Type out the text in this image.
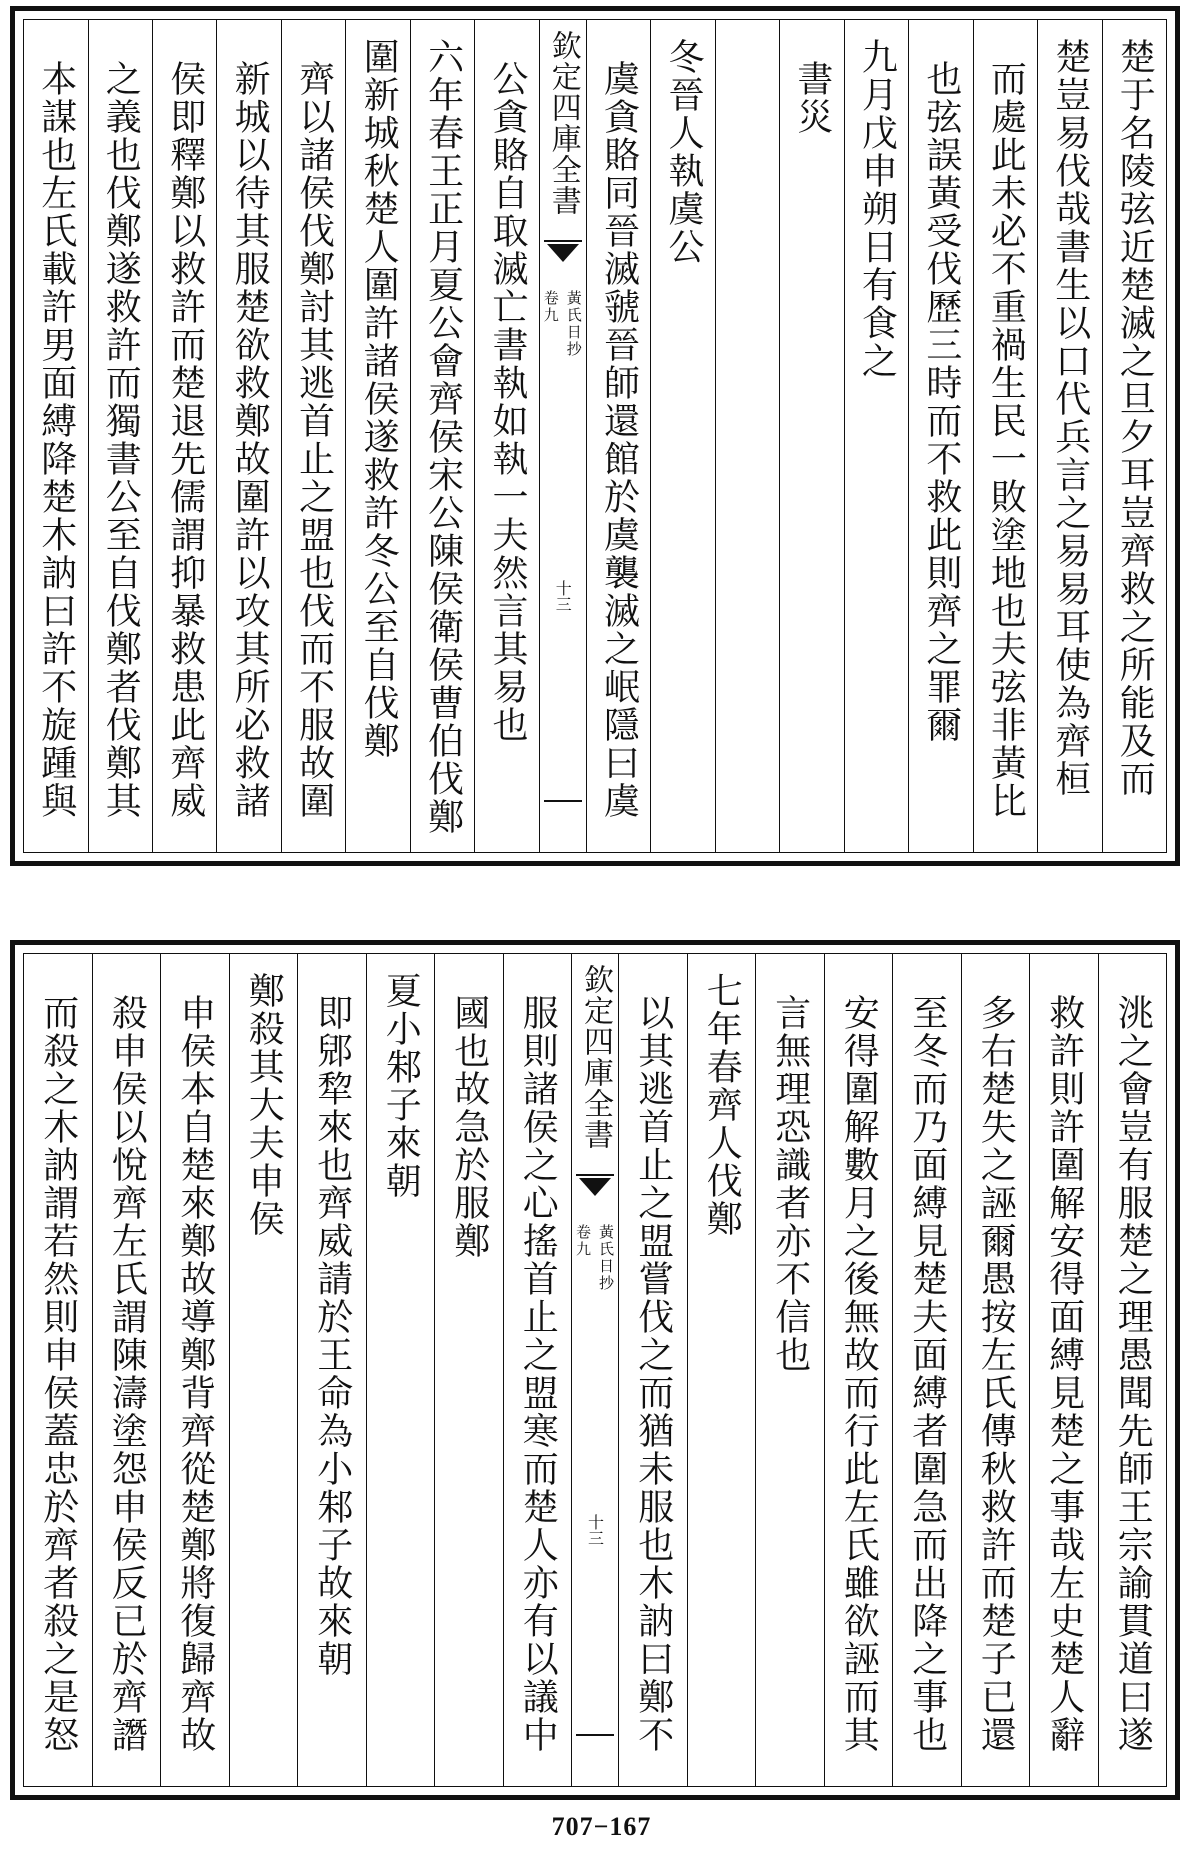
楚于名陵弦近楚滅之旦夕耳豈齊救之所能及而
楚豈易伐哉書生以口代兵言之易易耳使為齊桓
而處此未必不重禍生民一敗塗地也夫弦非黃比
也弦誤黃受伐歷三時而不救此則齊之罪爾
九月戊申朔日有食之
書災
冬晉人執虞公
虞貪賂同晉滅虢晉師還館於虞襲滅之岷隱曰虞
欽定四庫全書
黃氏日抄
卷九
十三
公貪賂自取滅亡書執如執一夫然言其易也
六年春王正月夏公會齊侯宋公陳侯衛侯曹伯伐鄭
圍新城秋楚人圍許諸侯遂救許冬公至自伐鄭
齊以諸侯伐鄭討其逃首止之盟也伐而不服故圍
新城以待其服楚欲救鄭故圍許以攻其所必救諸
侯即釋鄭以救許而楚退先儒謂抑暴救患此齊威
之義也伐鄭遂救許而獨書公至自伐鄭者伐鄭其
本謀也左氏載許男面縛降楚木訥曰許不旋踵與
洮之會豈有服楚之理愚聞先師王宗諭貫道曰遂
救許則許圍解安得面縛見楚之事哉左史楚人辭
多右楚失之誣爾愚按左氏傳秋救許而楚子已還
至冬而乃面縛見楚夫面縛者圍急而出降之事也
安得圍解數月之後無故而行此左氏雖欲誣而其
言無理恐識者亦不信也
七年春齊人伐鄭
以其逃首止之盟嘗伐之而猶未服也木訥曰鄭不
欽定四庫全書
黃氏日抄
卷九
十三
服則諸侯之心搖首止之盟寒而楚人亦有以議中
國也故急於服鄭
夏小邾子來朝
即郳犂來也齊威請於王命為小邾子故來朝
鄭殺其大夫申侯
申侯本自楚來鄭故導鄭背齊從楚鄭將復歸齊故
殺申侯以悅齊左氏謂陳濤塗怨申侯反已於齊譖
而殺之木訥謂若然則申侯蓋忠於齊者殺之是怒
707−167
